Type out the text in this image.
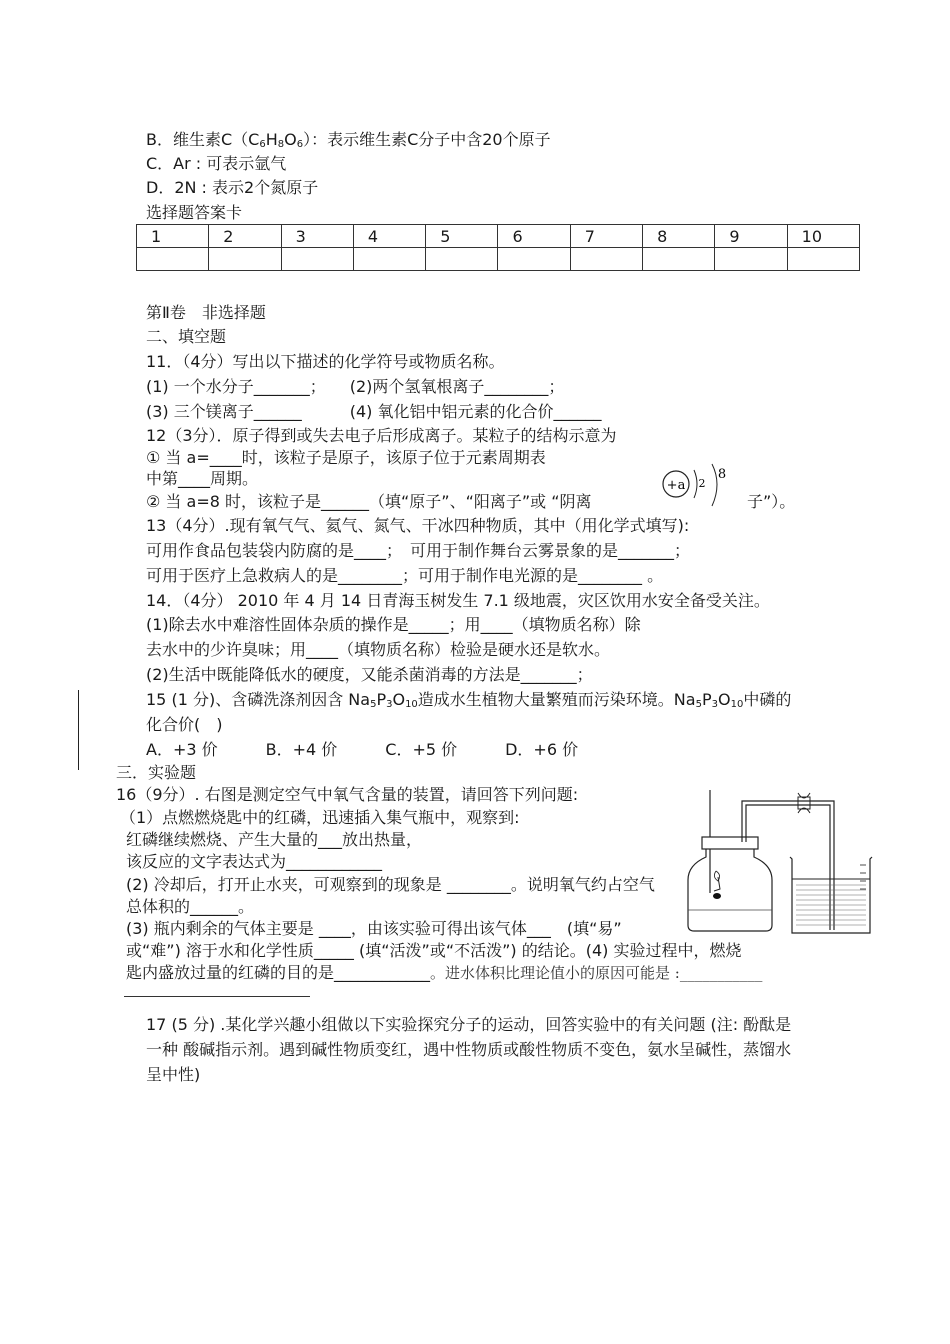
B．维生素$C(C_6H_8O_6)$：表示维生素C分子中含20个原子
C．Ar : 可表示氩气
D．2N : 表示2个氮原子
选择题答案卡
1	2	3	4	5	6	7	8	9	10

第Ⅱ卷　非选择题
二、填空题
11．（4分）写出以下描述的化学符号或物质名称。
(1) 一个水分子_______；　　(2)两个氢氧根离子________；
(3) 三个镁离子______　　　(4) 氧化铝中铝元素的化合价______
12（3分）．原子得到或失去电子后形成离子。某粒子的结构示意为
① 当 a=____时，该粒子是原子，该原子位于元素周期表
中第____周期。
② 当 a=8 时，该粒子是______（填“原子”、“阳离子”或 “阴离	子”）。
+a 2
8
13（4分）.现有氧气气、氦气、氮气、干冰四种物质，其中（用化学式填写):
可用作食品包装袋内防腐的是____；　可用于制作舞台云雾景象的是_______；
可用于医疗上急救病人的是________；可用于制作电光源的是________ 。
14．（4分） 2010 年 4 月 14 日青海玉树发生 7.1 级地震，灾区饮用水安全备受关注。
(1)除去水中难溶性固体杂质的操作是_____；用____（填物质名称）除
去水中的少许臭味；用____（填物质名称）检验是硬水还是软水。
(2)生活中既能降低水的硬度，又能杀菌消毒的方法是_______；
15 (1 分)、含磷洗涤剂因含 $Na_5P_3O_{10}$造成水生植物大量繁殖而污染环境。$Na_5P_3O_{10}$中磷的
化合价(　)
A．+3 价　　　B．+4 价　　　C．+5 价　　　D．+6 价
三．实验题
16（9分）. 右图是测定空气中氧气含量的装置，请回答下列问题:
（1）点燃燃烧匙中的红磷，迅速插入集气瓶中，观察到:
红磷继续燃烧、产生大量的___放出热量，
该反应的文字表达式为____________
(2) 冷却后，打开止水夹，可观察到的现象是 ________。说明氧气约占空气
总体积的______。
(3) 瓶内剩余的气体主要是 ____，由该实验可得出该气体___　(填“易”
或“难”) 溶于水和化学性质_____ (填“活泼”或“不活泼”) 的结论。(4) 实验过程中，燃烧
匙内盛放过量的红磷的目的是____________。进水体积比理论值小的原因可能是 :___________
17 (5 分) .某化学兴趣小组做以下实验探究分子的运动，回答实验中的有关问题 (注: 酚酞是
一种 酸碱指示剂。遇到碱性物质变红，遇中性物质或酸性物质不变色，氨水呈碱性，蒸馏水
呈中性)
